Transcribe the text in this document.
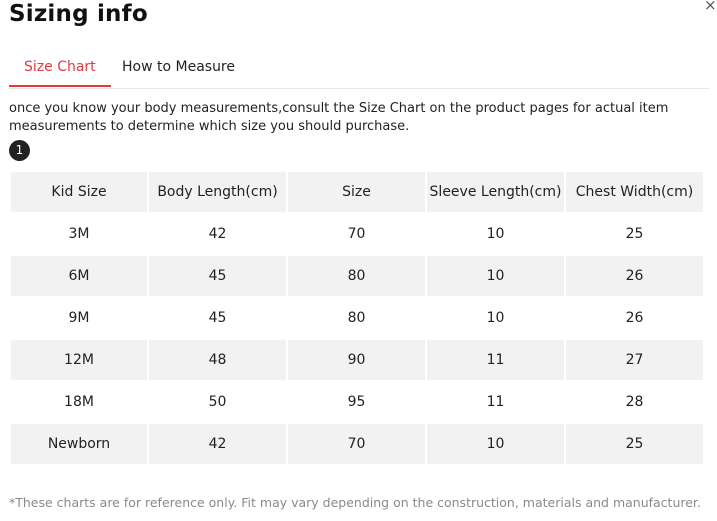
Sizing info	×
Size Chart	How to Measure
once you know your body measurements,consult the Size Chart on the product pages for actual item measurements to determine which size you should purchase.
1
Kid Size	Body Length(cm)	Size	Sleeve Length(cm)	Chest Width(cm)
3M	42	70	10	25
6M	45	80	10	26
9M	45	80	10	26
12M	48	90	11	27
18M	50	95	11	28
Newborn	42	70	10	25
*These charts are for reference only. Fit may vary depending on the construction, materials and manufacturer.
